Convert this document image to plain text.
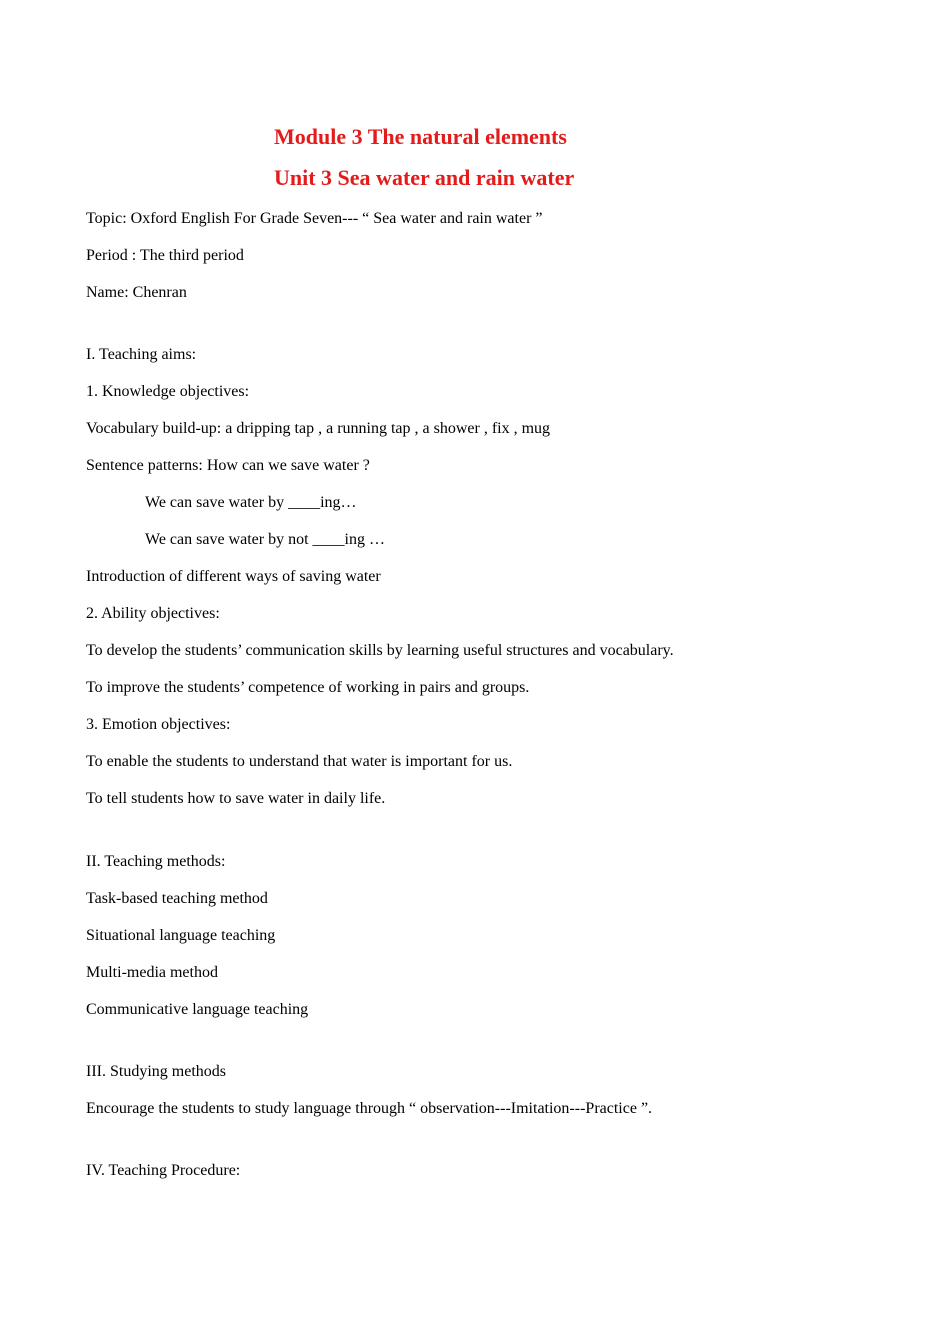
Module 3 The natural elements
Unit 3 Sea water and rain water
Topic: Oxford English For Grade Seven--- “ Sea water and rain water ”
Period : The third period
Name: Chenran
I. Teaching aims:
1. Knowledge objectives:
Vocabulary build-up: a dripping tap , a running tap , a shower , fix , mug
Sentence patterns: How can we save water ?
We can save water by ____ing…
We can save water by not ____ing …
Introduction of different ways of saving water
2. Ability objectives:
To develop the students’ communication skills by learning useful structures and vocabulary.
To improve the students’ competence of working in pairs and groups.
3. Emotion objectives:
To enable the students to understand that water is important for us.
To tell students how to save water in daily life.
II. Teaching methods:
Task-based teaching method
Situational language teaching
Multi-media method
Communicative language teaching
III. Studying methods
Encourage the students to study language through “ observation---Imitation---Practice ”.
IV. Teaching Procedure:
